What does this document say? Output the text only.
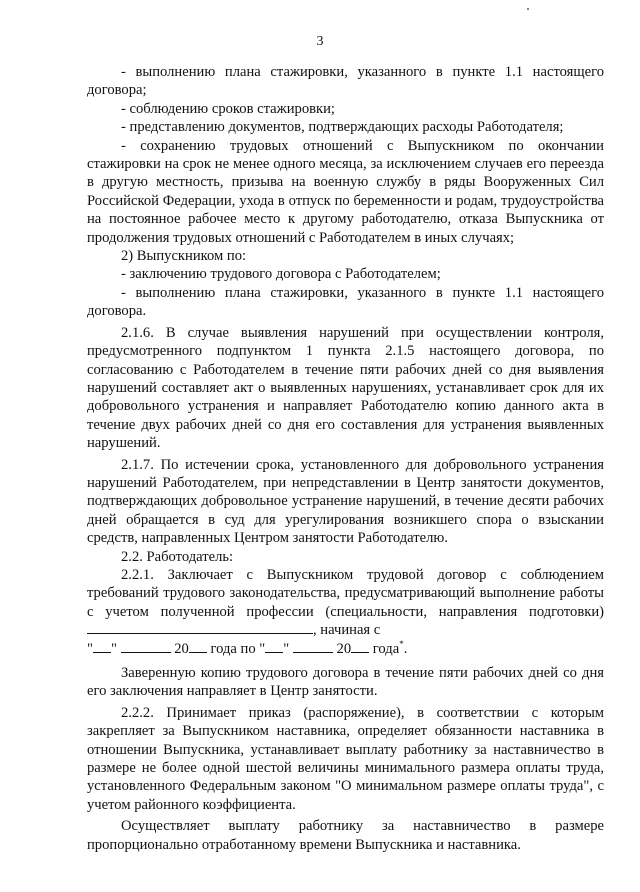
3

- выполнению плана стажировки, указанного в пункте 1.1 настоящего договора;

- соблюдению сроков стажировки;

- представлению документов, подтверждающих расходы Работодателя;

- сохранению трудовых отношений с Выпускником по окончании стажировки на срок не менее одного месяца, за исключением случаев его переезда в другую местность, призыва на военную службу в ряды Вооруженных Сил Российской Федерации, ухода в отпуск по беременности и родам, трудоустройства на постоянное рабочее место к другому работодателю, отказа Выпускника от продолжения трудовых отношений с Работодателем в иных случаях;

2) Выпускником по:

- заключению трудового договора с Работодателем;

- выполнению плана стажировки, указанного в пункте 1.1 настоящего договора.

2.1.6. В случае выявления нарушений при осуществлении контроля, предусмотренного подпунктом 1 пункта 2.1.5 настоящего договора, по согласованию с Работодателем в течение пяти рабочих дней со дня выявления нарушений составляет акт о выявленных нарушениях, устанавливает срок для их добровольного устранения и направляет Работодателю копию данного акта в течение двух рабочих дней со дня его составления для устранения выявленных нарушений.

2.1.7. По истечении срока, установленного для добровольного устранения нарушений Работодателем, при непредставлении в Центр занятости документов, подтверждающих добровольное устранение нарушений, в течение десяти рабочих дней обращается в суд для урегулирования возникшего спора о взыскании средств, направленных Центром занятости Работодателю.

2.2. Работодатель:

2.2.1. Заключает с Выпускником трудовой договор с соблюдением требований трудового законодательства, предусматривающий выполнение работы с учетом полученной профессии (специальности, направления подготовки) , начиная с

" "	20 года по " "	20 года*.

Заверенную копию трудового договора в течение пяти рабочих дней со дня его заключения направляет в Центр занятости.

2.2.2. Принимает приказ (распоряжение), в соответствии с которым закрепляет за Выпускником наставника, определяет обязанности наставника в отношении Выпускника, устанавливает выплату работнику за наставничество в размере не более одной шестой величины минимального размера оплаты труда, установленного Федеральным законом "О минимальном размере оплаты труда", с учетом районного коэффициента.

Осуществляет выплату работнику за наставничество в размере пропорционально отработанному времени Выпускника и наставника.
